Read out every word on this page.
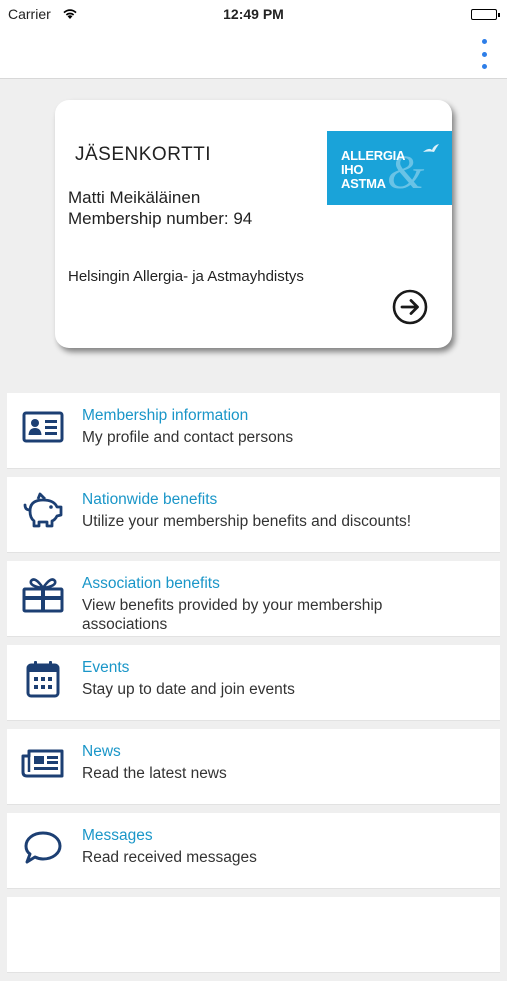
Carrier	12:49 PM
JÄSENKORTTI	&
ALLERGIA
IHO
ASTMA
Matti Meikäläinen
Membership number: 94
Helsingin Allergia- ja Astmayhdistys
Membership information
My profile and contact persons
Nationwide benefits
Utilize your membership benefits and discounts!
Association benefits
View benefits provided by your membership associations
Events
Stay up to date and join events
News
Read the latest news
Messages
Read received messages
